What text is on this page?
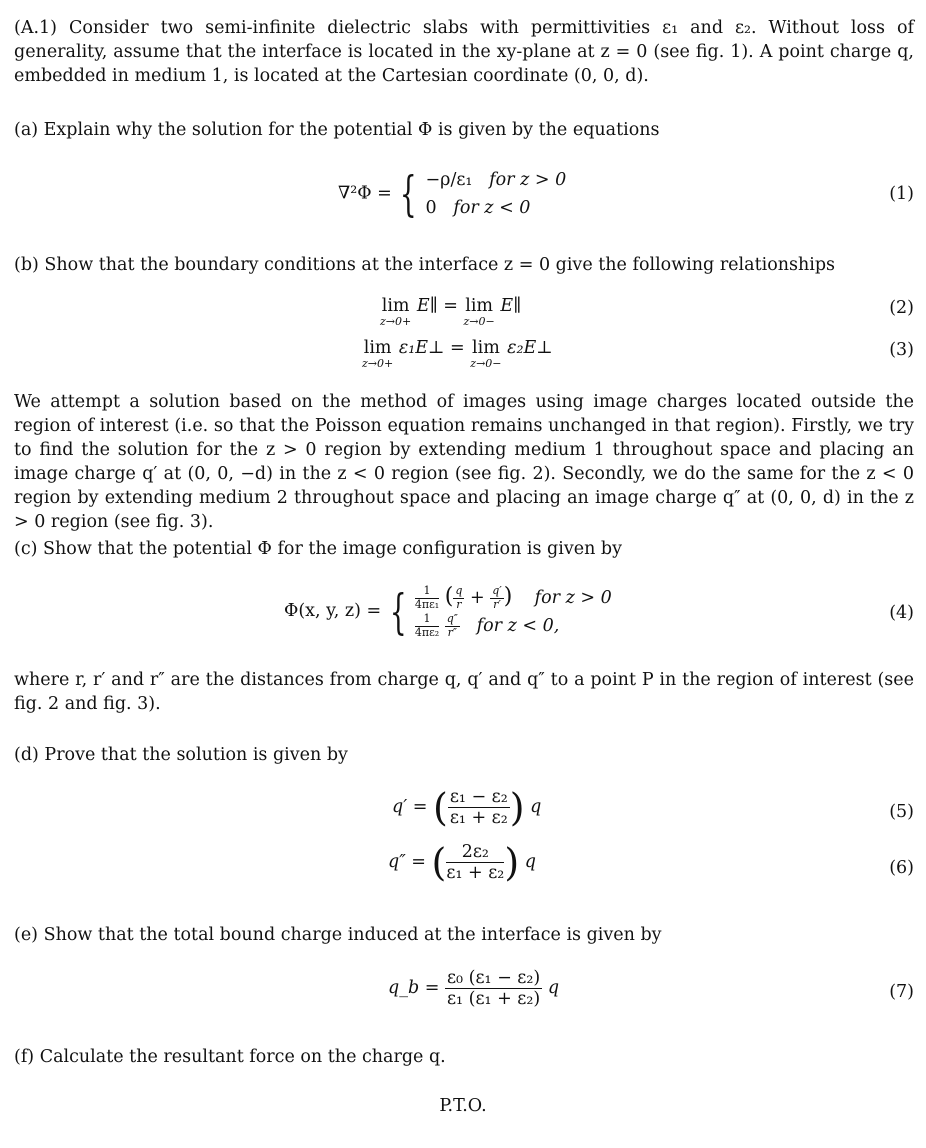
(A.1) Consider two semi-infinite dielectric slabs with permittivities ε₁ and ε₂. Without loss of generality, assume that the interface is located in the xy-plane at z = 0 (see fig. 1). A point charge q, embedded in medium 1, is located at the Cartesian coordinate (0, 0, d).

(a) Explain why the solution for the potential Φ is given by the equations

∇²Φ = { −ρ/ε₁ for z > 0
0 for z < 0
(1)

(b) Show that the boundary conditions at the interface z = 0 give the following relationships

lim
z→0+
E∥ = lim
z→0−
E∥	(2)
lim
z→0+
ε₁E⊥ = lim
z→0−
ε₂E⊥	(3)

We attempt a solution based on the method of images using image charges located outside the region of interest (i.e. so that the Poisson equation remains unchanged in that region). Firstly, we try to find the solution for the z > 0 region by extending medium 1 throughout space and placing an image charge q′ at (0, 0, −d) in the z < 0 region (see fig. 2). Secondly, we do the same for the z < 0 region by extending medium 2 throughout space and placing an image charge q″ at (0, 0, d) in the z > 0 region (see fig. 3).

(c) Show that the potential Φ for the image configuration is given by

Φ(x, y, z) = { $\frac{1}{\text{4πε₁}}$ ( $\frac{q}{r} + \frac{q'}{r'}$ ) for z > 0
$\frac{1}{\text{4πε₂}}$
$\frac{q''}{r''}$ for z < 0,
(4)

where r, r′ and r″ are the distances from charge q, q′ and q″ to a point P in the region of interest (see fig. 2 and fig. 3).

(d) Prove that the solution is given by

q′ = ( $\frac{\text{ε₁ − ε₂}}{\text{ε₁ + ε₂}}$ ) q	(5)
q″ = ( $\frac{\text{2ε₂}}{\text{ε₁ + ε₂}}$ ) q	(6)

(e) Show that the total bound charge induced at the interface is given by

q_b = $\frac{\text{ε₀ (ε₁ − ε₂)}}{\text{ε₁ (ε₁ + ε₂)}}$ q	(7)

(f) Calculate the resultant force on the charge q.

P.T.O.
